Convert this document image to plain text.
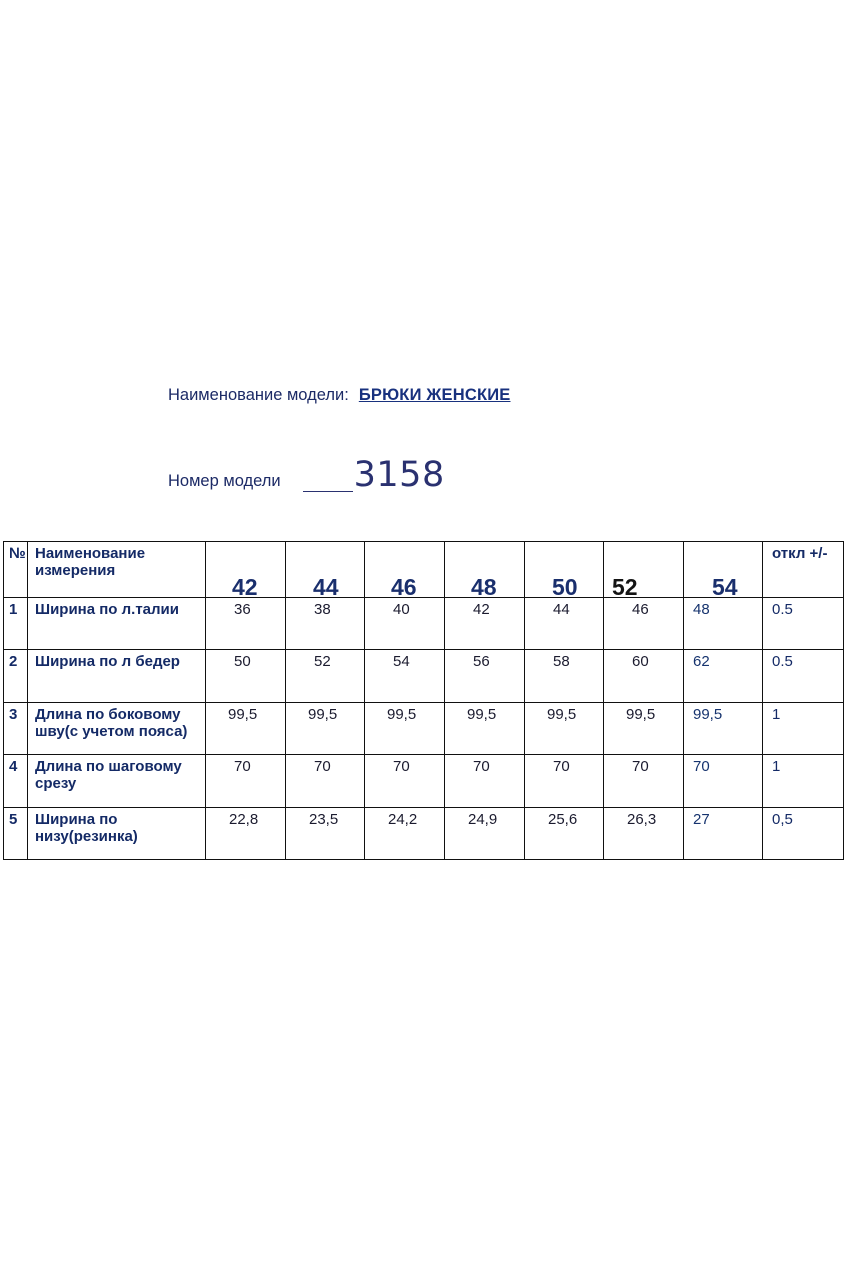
Наименование модели: БРЮКИ ЖЕНСКИЕ
Номер модели 3158
№	Наименование измерения	42	44	46	48	50	52	54	откл +/-
1	Ширина по л.талии	36	38	40	42	44	46	48	0.5
2	Ширина по л бедер	50	52	54	56	58	60	62	0.5
3	Длина по боковому шву(с учетом пояса)	99,5	99,5	99,5	99,5	99,5	99,5	99,5	1
4	Длина по шаговому срезу	70	70	70	70	70	70	70	1
5	Ширина по низу(резинка)	22,8	23,5	24,2	24,9	25,6	26,3	27	0,5
